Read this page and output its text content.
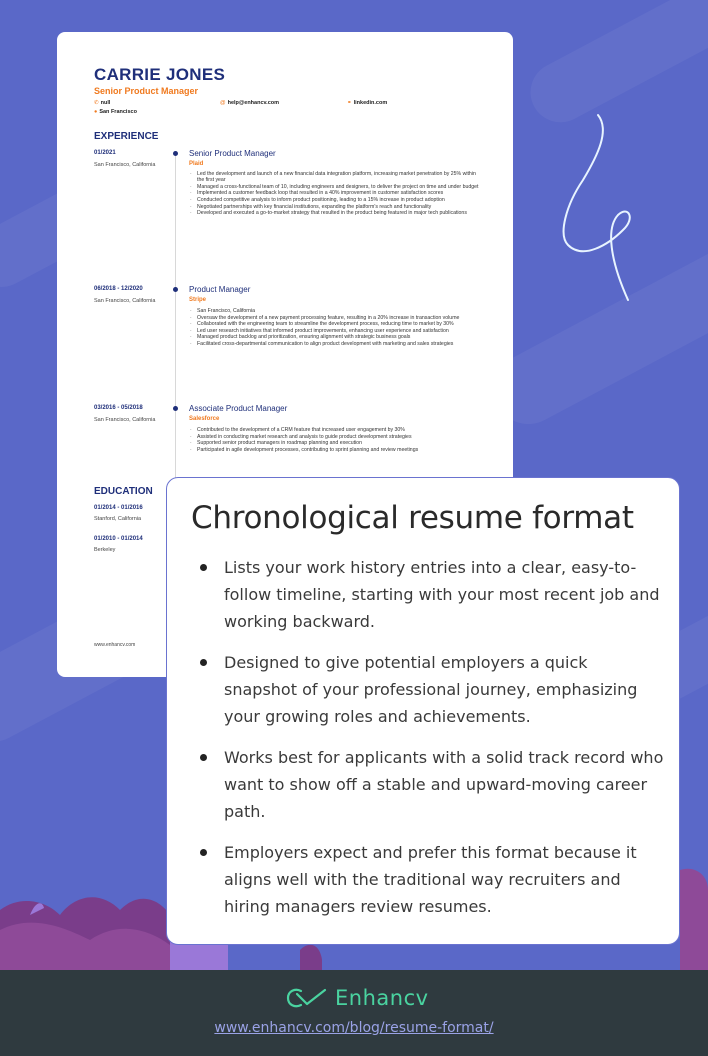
CARRIE JONES
Senior Product Manager
✆ null	@ help@enhancv.com	⚭ linkedin.com
● San Francisco
EXPERIENCE
01/2021
San Francisco, California
Senior Product Manager
Plaid
· Led the development and launch of a new financial data integration platform, increasing market penetration by 25% within the first year
· Managed a cross-functional team of 10, including engineers and designers, to deliver the project on time and under budget
· Implemented a customer feedback loop that resulted in a 40% improvement in customer satisfaction scores
· Conducted competitive analysis to inform product positioning, leading to a 15% increase in product adoption
· Negotiated partnerships with key financial institutions, expanding the platform's reach and functionality
· Developed and executed a go-to-market strategy that resulted in the product being featured in major tech publications
06/2018 - 12/2020
San Francisco, California
Product Manager
Stripe
· San Francisco, California
· Oversaw the development of a new payment processing feature, resulting in a 20% increase in transaction volume
· Collaborated with the engineering team to streamline the development process, reducing time to market by 30%
· Led user research initiatives that informed product improvements, enhancing user experience and satisfaction
· Managed product backlog and prioritization, ensuring alignment with strategic business goals
· Facilitated cross-departmental communication to align product development with marketing and sales strategies
03/2016 - 05/2018
San Francisco, California
Associate Product Manager
Salesforce
· Contributed to the development of a CRM feature that increased user engagement by 30%
· Assisted in conducting market research and analysis to guide product development strategies
· Supported senior product managers in roadmap planning and execution
· Participated in agile development processes, contributing to sprint planning and review meetings
EDUCATION
01/2014 - 01/2016
Stanford, California
01/2010 - 01/2014
Berkeley
www.enhancv.com
Chronological resume format
Lists your work history entries into a clear, easy-to-follow timeline, starting with your most recent job and working backward.
Designed to give potential employers a quick snapshot of your professional journey, emphasizing your growing roles and achievements.
Works best for applicants with a solid track record who want to show off a stable and upward-moving career path.
Employers expect and prefer this format because it aligns well with the traditional way recruiters and hiring managers review resumes.
Enhancv
www.enhancv.com/blog/resume-format/
